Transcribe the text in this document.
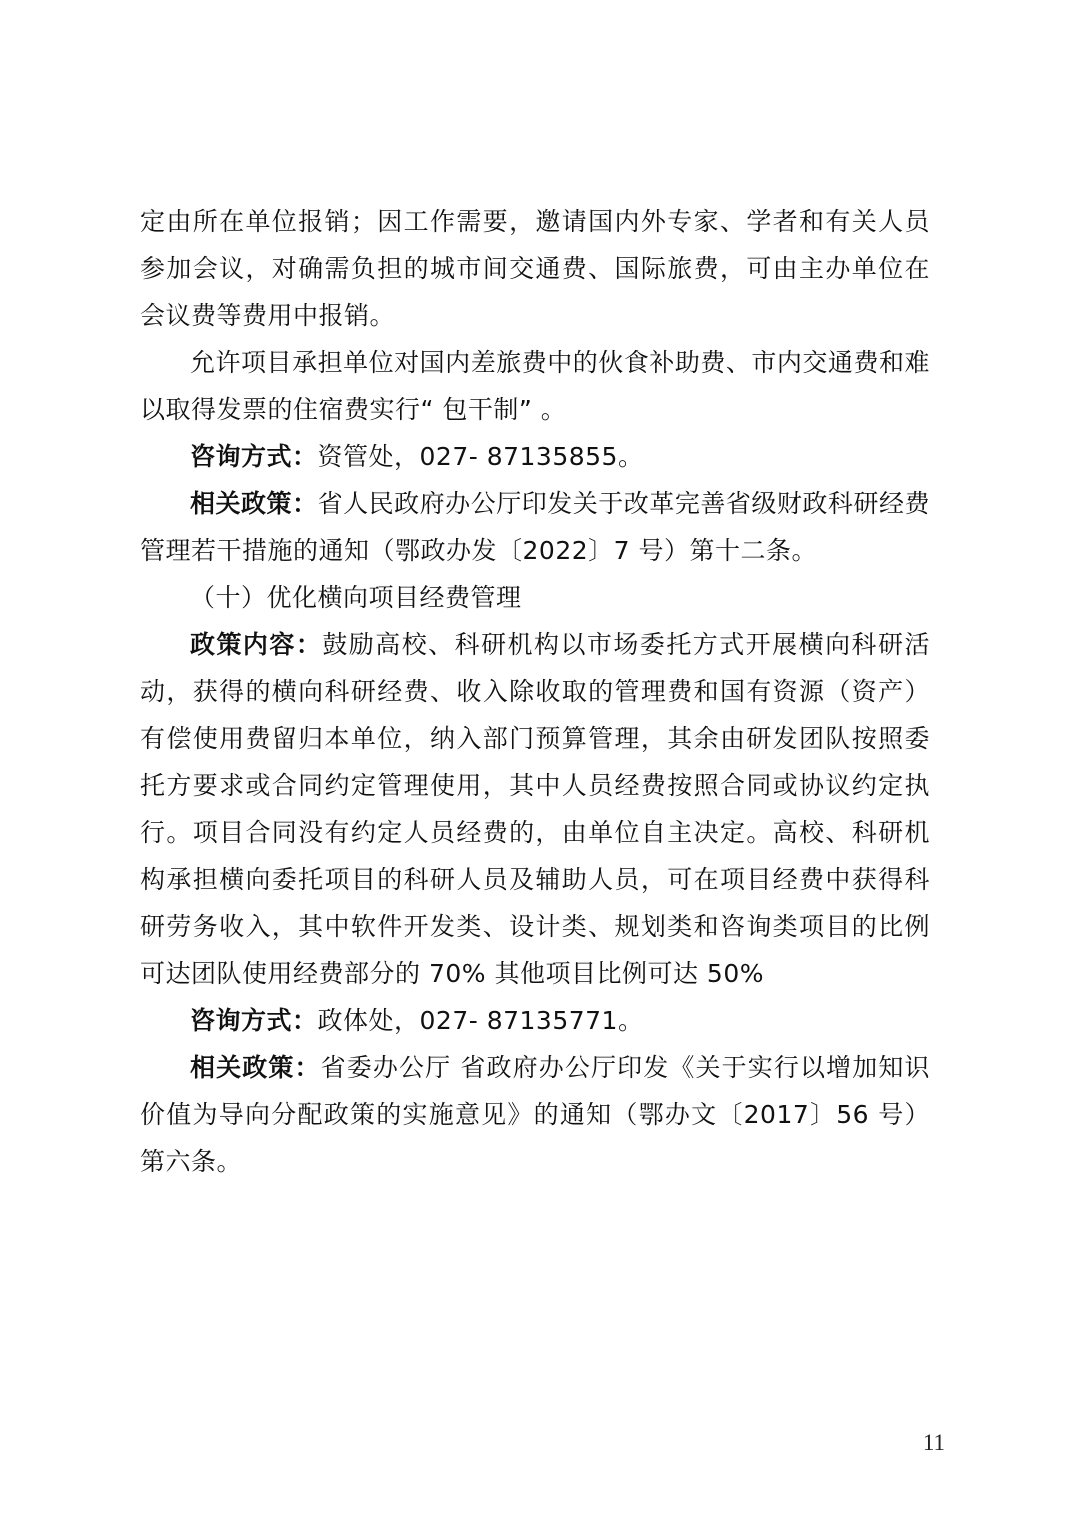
定由所在单位报销；因工作需要，邀请国内外专家、学者和有关人员参加会议，对确需负担的城市间交通费、国际旅费，可由主办单位在会议费等费用中报销。

允许项目承担单位对国内差旅费中的伙食补助费、市内交通费和难以取得发票的住宿费实行“ 包干制” 。

咨询方式：资管处，027- 87135855。

相关政策：省人民政府办公厅印发关于改革完善省级财政科研经费管理若干措施的通知（鄂政办发〔2022〕7 号）第十二条。

（十）优化横向项目经费管理

政策内容：鼓励高校、科研机构以市场委托方式开展横向科研活动，获得的横向科研经费、收入除收取的管理费和国有资源（资产）有偿使用费留归本单位，纳入部门预算管理，其余由研发团队按照委托方要求或合同约定管理使用，其中人员经费按照合同或协议约定执行。项目合同没有约定人员经费的，由单位自主决定。高校、科研机构承担横向委托项目的科研人员及辅助人员，可在项目经费中获得科研劳务收入，其中软件开发类、设计类、规划类和咨询类项目的比例可达团队使用经费部分的 70% 其他项目比例可达 50%

咨询方式：政体处，027- 87135771。

相关政策：省委办公厅 省政府办公厅印发《关于实行以增加知识价值为导向分配政策的实施意见》的通知（鄂办文〔2017〕56 号）第六条。

11
